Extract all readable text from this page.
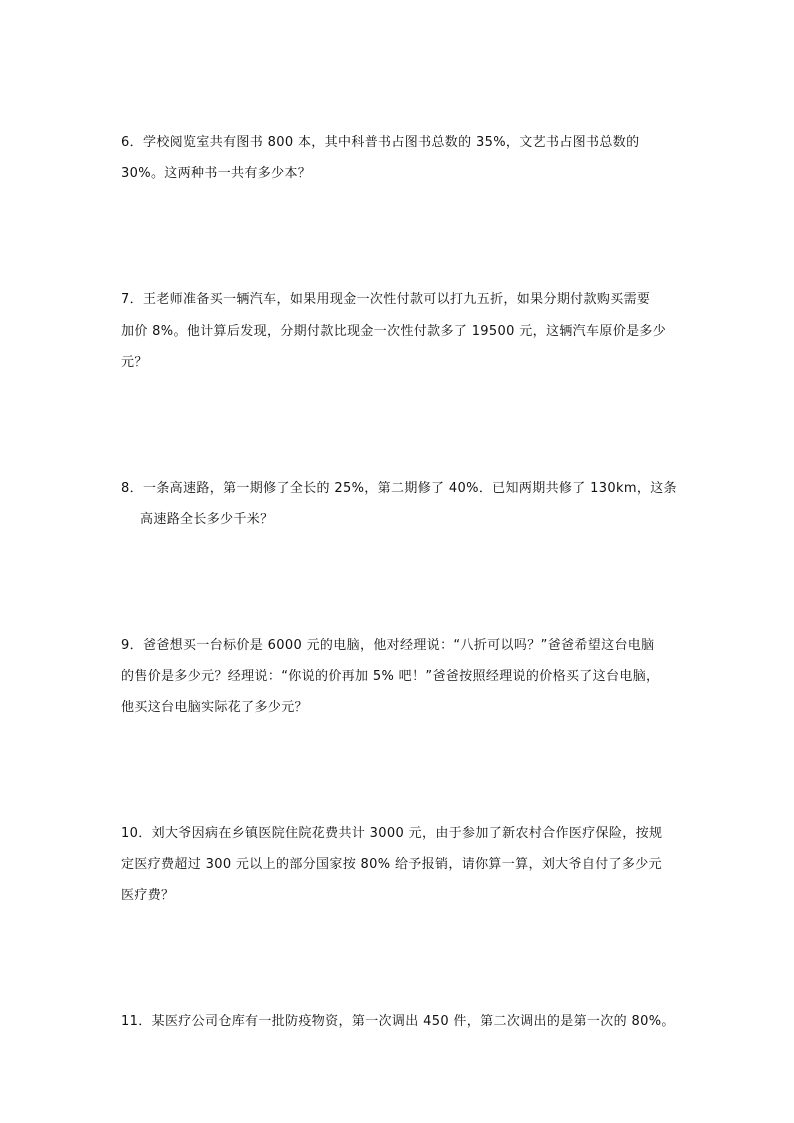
6．学校阅览室共有图书 800 本，其中科普书占图书总数的 35%，文艺书占图书总数的
30%。这两种书一共有多少本？
7．王老师准备买一辆汽车，如果用现金一次性付款可以打九五折，如果分期付款购买需要
加价 8%。他计算后发现，分期付款比现金一次性付款多了 19500 元，这辆汽车原价是多少
元？
8．一条高速路，第一期修了全长的 25%，第二期修了 40%．已知两期共修了 130km，这条
高速路全长多少千米？
9．爸爸想买一台标价是 6000 元的电脑，他对经理说：“八折可以吗？”爸爸希望这台电脑
的售价是多少元？经理说：“你说的价再加 5% 吧！”爸爸按照经理说的价格买了这台电脑，
他买这台电脑实际花了多少元？
10．刘大爷因病在乡镇医院住院花费共计 3000 元，由于参加了新农村合作医疗保险，按规
定医疗费超过 300 元以上的部分国家按 80% 给予报销，请你算一算，刘大爷自付了多少元
医疗费？
11．某医疗公司仓库有一批防疫物资，第一次调出 450 件，第二次调出的是第一次的 80%。
